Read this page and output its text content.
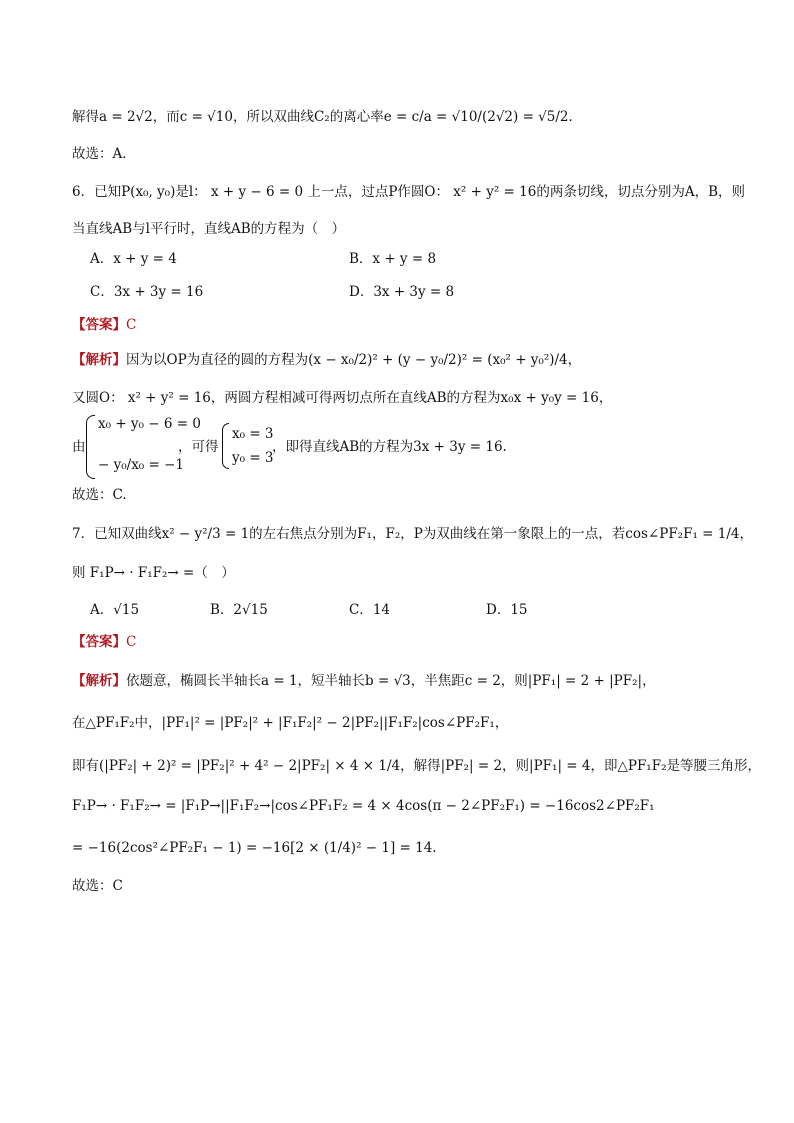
解得a = 2√2，而c = √10，所以双曲线C₂的离心率e = c/a = √10/(2√2) = √5/2．
故选：A．
6．已知P(x₀, y₀)是l： x + y − 6 = 0 上一点，过点P作圆O： x² + y² = 16的两条切线，切点分别为A，B，则
当直线AB与l平行时，直线AB的方程为（　）
A．x + y = 4	B．x + y = 8
C．3x + 3y = 16	D．3x + 3y = 8
【答案】C
【解析】因为以OP为直径的圆的方程为(x − x₀/2)² + (y − y₀/2)² = (x₀² + y₀²)/4，
又圆O： x² + y² = 16，两圆方程相减可得两切点所在直线AB的方程为x₀x + y₀y = 16，
由
x₀ + y₀ − 6 = 0
− y₀/x₀ = −1
，可得
x₀ = 3
y₀ = 3
，即得直线AB的方程为3x + 3y = 16.
故选：C.
7．已知双曲线x² − y²/3 = 1的左右焦点分别为F₁，F₂，P为双曲线在第一象限上的一点，若cos∠PF₂F₁ = 1/4，
则 F₁P→ · F₁F₂→ =（　）
A．√15	B．2√15	C．14	D．15
【答案】C
【解析】依题意，椭圆长半轴长a = 1，短半轴长b = √3，半焦距c = 2，则|PF₁| = 2 + |PF₂|，
在△PF₁F₂中，|PF₁|² = |PF₂|² + |F₁F₂|² − 2|PF₂||F₁F₂|cos∠PF₂F₁，
即有(|PF₂| + 2)² = |PF₂|² + 4² − 2|PF₂| × 4 × 1/4，解得|PF₂| = 2，则|PF₁| = 4，即△PF₁F₂是等腰三角形，
F₁P→ · F₁F₂→ = |F₁P→||F₁F₂→|cos∠PF₁F₂ = 4 × 4cos(π − 2∠PF₂F₁) = −16cos2∠PF₂F₁
= −16(2cos²∠PF₂F₁ − 1) = −16[2 × (1/4)² − 1] = 14.
故选：C
